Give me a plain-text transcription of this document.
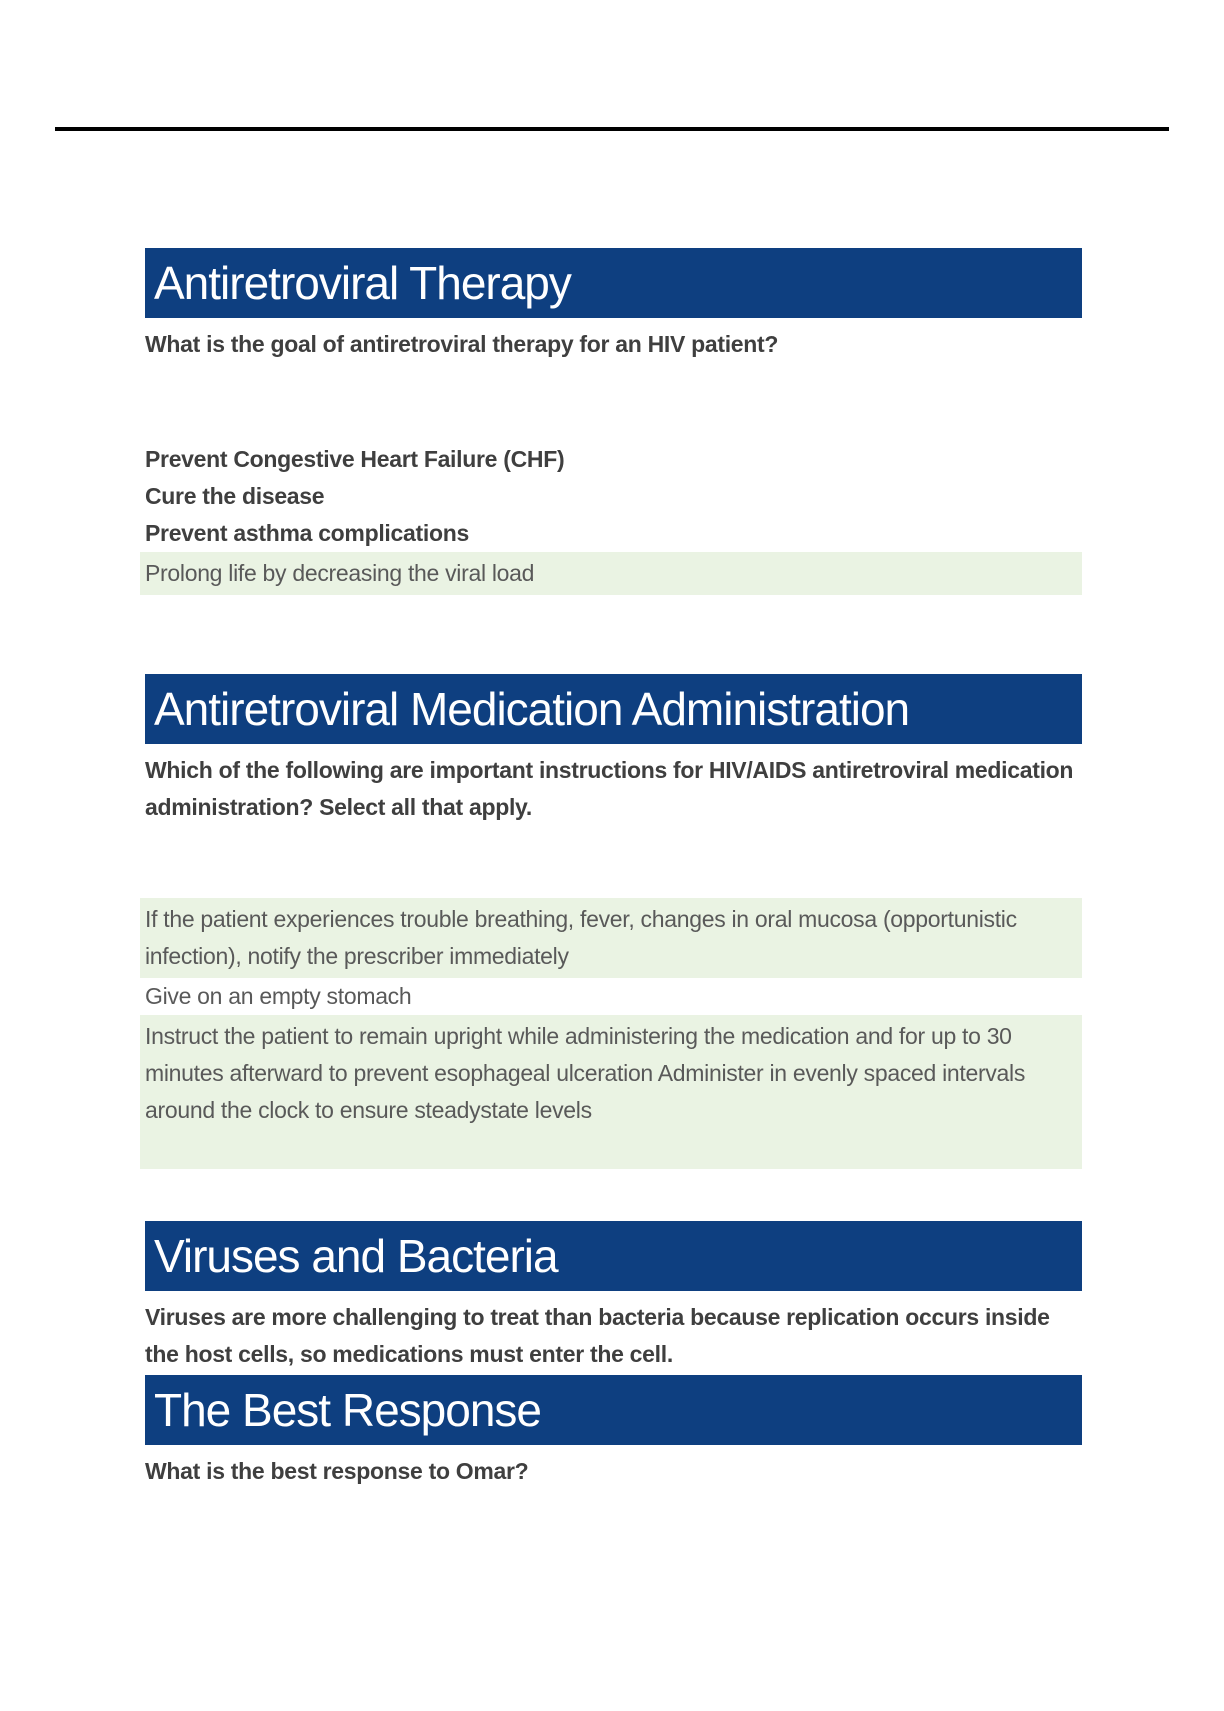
Antiretroviral Therapy

What is the goal of antiretroviral therapy for an HIV patient?

Prevent Congestive Heart Failure (CHF)
Cure the disease
Prevent asthma complications
Prolong life by decreasing the viral load
Antiretroviral Medication Administration

Which of the following are important instructions for HIV/AIDS antiretroviral medication administration? Select all that apply.

If the patient experiences trouble breathing, fever, changes in oral mucosa (opportunistic infection), notify the prescriber immediately
Give on an empty stomach
Instruct the patient to remain upright while administering the medication and for up to 30 minutes afterward to prevent esophageal ulceration Administer in evenly spaced intervals around the clock to ensure steadystate levels
Viruses and Bacteria

Viruses are more challenging to treat than bacteria because replication occurs inside the host cells, so medications must enter the cell.

The Best Response

What is the best response to Omar?
